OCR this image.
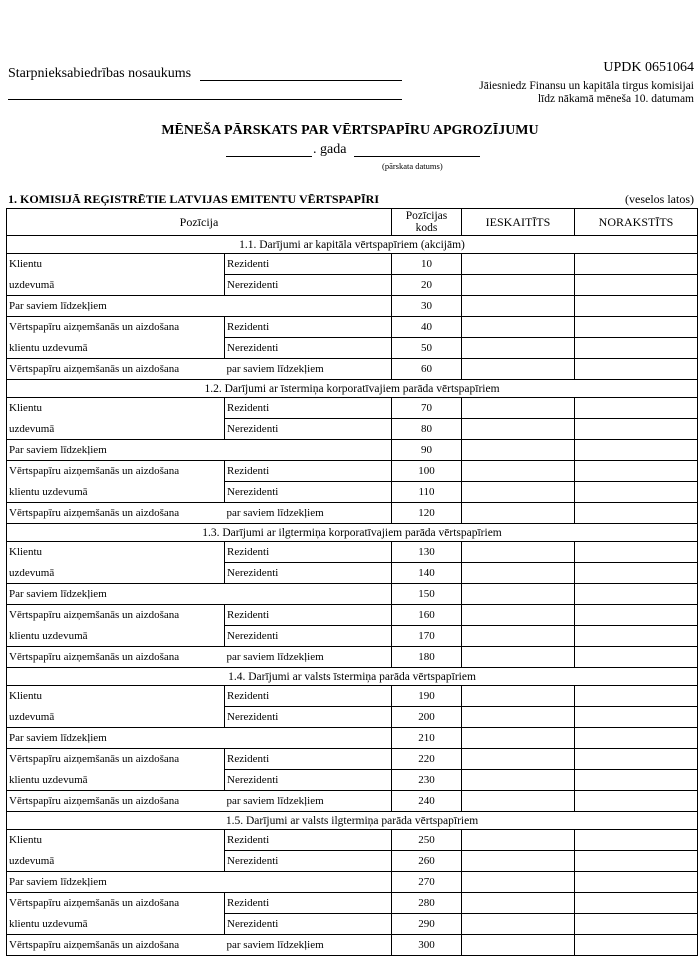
Starpnieksabiedrības nosaukums	UPDK 0651064
Jāiesniedz Finansu un kapitāla tirgus komisijai
līdz nākamā mēneša 10. datumam
MĒNEŠA PĀRSKATS PAR VĒRTSPAPĪRU APGROZĪJUMU
. gada
(pārskata datums)
1. KOMISIJĀ REĢISTRĒTIE LATVIJAS EMITENTU VĒRTSPAPĪRI	(veselos latos)
Pozīcija		Pozīcijas kods	IESKAITĪTS	NORAKSTĪTS
1.1. Darījumi ar kapitāla vērtspapīriem (akcijām)				
Klientu	Rezidenti	10		
uzdevumā	Nerezidenti	20		
Par saviem līdzekļiem		30		
Vērtspapīru aizņemšanās un aizdošana	Rezidenti	40		
klientu uzdevumā	Nerezidenti	50		
Vērtspapīru aizņemšanās un aizdošana	par saviem līdzekļiem	60		
1.2. Darījumi ar īstermiņa korporatīvajiem parāda vērtspapīriem				
Klientu	Rezidenti	70		
uzdevumā	Nerezidenti	80		
Par saviem līdzekļiem		90		
Vērtspapīru aizņemšanās un aizdošana	Rezidenti	100		
klientu uzdevumā	Nerezidenti	110		
Vērtspapīru aizņemšanās un aizdošana	par saviem līdzekļiem	120		
1.3. Darījumi ar ilgtermiņa korporatīvajiem parāda vērtspapīriem				
Klientu	Rezidenti	130		
uzdevumā	Nerezidenti	140		
Par saviem līdzekļiem		150		
Vērtspapīru aizņemšanās un aizdošana	Rezidenti	160		
klientu uzdevumā	Nerezidenti	170		
Vērtspapīru aizņemšanās un aizdošana	par saviem līdzekļiem	180		
1.4. Darījumi ar valsts īstermiņa parāda vērtspapīriem				
Klientu	Rezidenti	190		
uzdevumā	Nerezidenti	200		
Par saviem līdzekļiem		210		
Vērtspapīru aizņemšanās un aizdošana	Rezidenti	220		
klientu uzdevumā	Nerezidenti	230		
Vērtspapīru aizņemšanās un aizdošana	par saviem līdzekļiem	240		
1.5. Darījumi ar valsts ilgtermiņa parāda vērtspapīriem				
Klientu	Rezidenti	250		
uzdevumā	Nerezidenti	260		
Par saviem līdzekļiem		270		
Vērtspapīru aizņemšanās un aizdošana	Rezidenti	280		
klientu uzdevumā	Nerezidenti	290		
Vērtspapīru aizņemšanās un aizdošana	par saviem līdzekļiem	300		
